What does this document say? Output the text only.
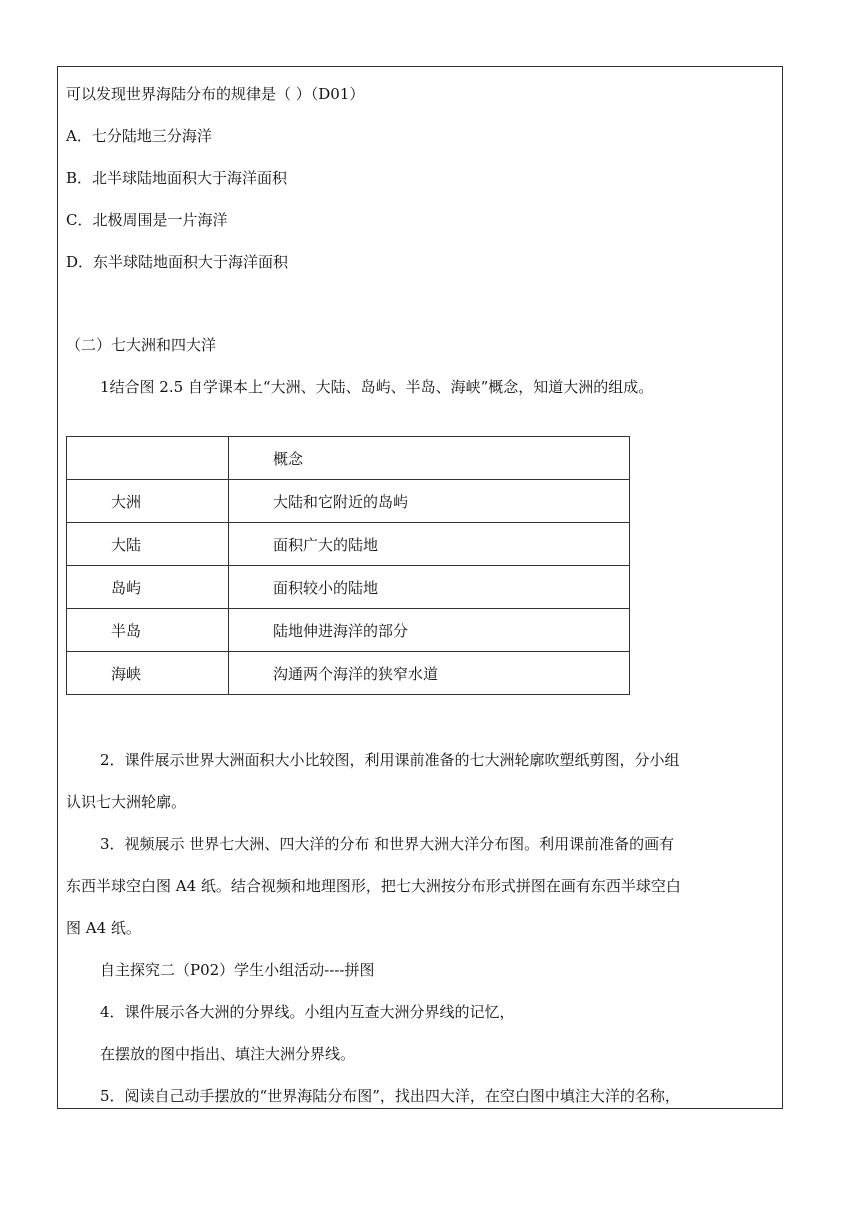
可以发现世界海陆分布的规律是（ ）（D01）
A．七分陆地三分海洋
B．北半球陆地面积大于海洋面积
C．北极周围是一片海洋
D．东半球陆地面积大于海洋面积
（二）七大洲和四大洋
1结合图 2.5 自学课本上“大洲、大陆、岛屿、半岛、海峡”概念，知道大洲的组成。
	概念
大洲	大陆和它附近的岛屿
大陆	面积广大的陆地
岛屿	面积较小的陆地
半岛	陆地伸进海洋的部分
海峡	沟通两个海洋的狭窄水道
2．课件展示世界大洲面积大小比较图，利用课前准备的七大洲轮廓吹塑纸剪图，分小组
认识七大洲轮廓。
3．视频展示 世界七大洲、四大洋的分布 和世界大洲大洋分布图。利用课前准备的画有
东西半球空白图 A4 纸。结合视频和地理图形，把七大洲按分布形式拼图在画有东西半球空白
图 A4 纸。
自主探究二（P02）学生小组活动----拼图
4．课件展示各大洲的分界线。小组内互查大洲分界线的记忆，
在摆放的图中指出、填注大洲分界线。
5．阅读自己动手摆放的“世界海陆分布图”，找出四大洋，在空白图中填注大洋的名称，
